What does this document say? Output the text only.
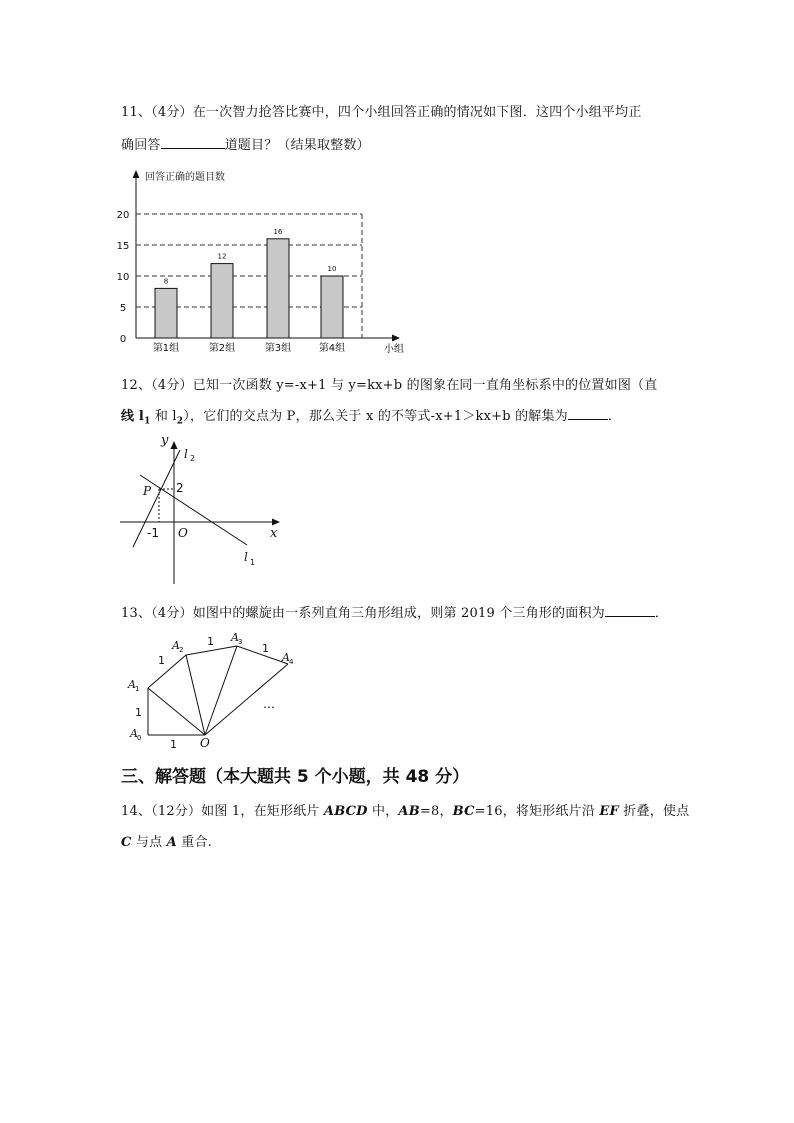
11、（4分）在一次智力抢答比赛中，四个小组回答正确的情况如下图．这四个小组平均正
确回答	道题目？（结果取整数）
0
5
10
15
20
8
第1组
12
第2组
16
第3组
10
第4组
回答正确的题目数
小组
12、（4分）已知一次函数 y=-x+1 与 y=kx+b 的图象在同一直角坐标系中的位置如图（直
线 $l_1$ 和 $l_2$），它们的交点为 P，那么关于 x 的不等式-x+1＞kx+b 的解集为	．
y
x
O
P 2
-1
l 2
l 1
13、（4分）如图中的螺旋由一系列直角三角形组成，则第 2019 个三角形的面积为	．
A 0
A 1
A 2
A 3
A 4
O
1
1
1
1
1
…
三、解答题（本大题共 5 个小题，共 48 分）
14、（12分）如图 1，在矩形纸片 ABCD 中，AB=8，BC=16，将矩形纸片沿 EF 折叠，使点
C 与点 A 重合.
